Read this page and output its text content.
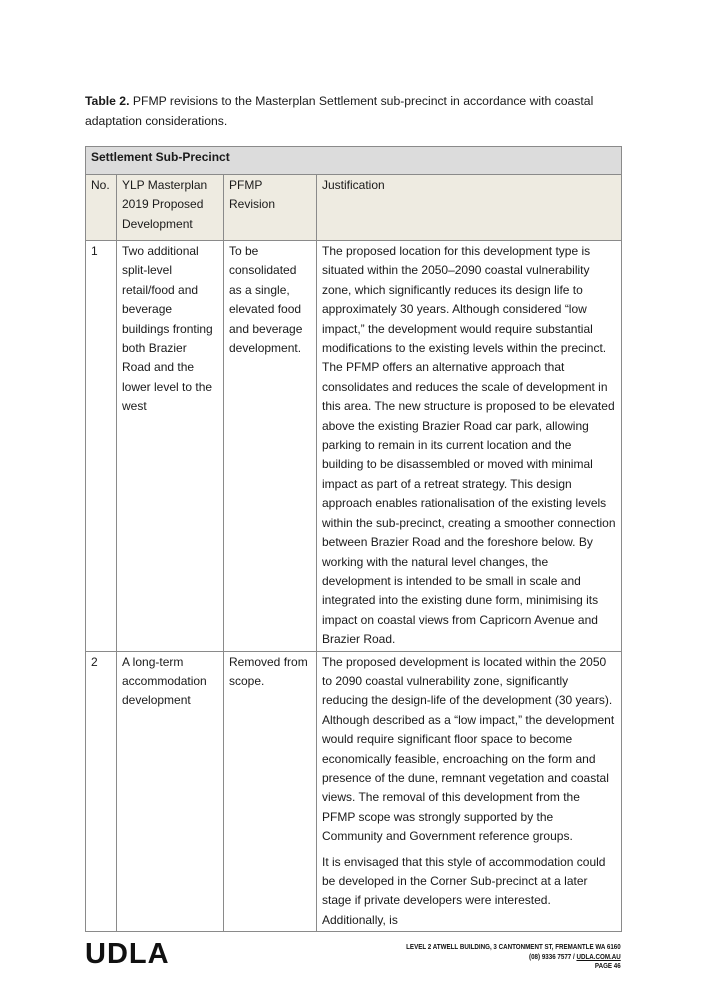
Table 2. PFMP revisions to the Masterplan Settlement sub-precinct in accordance with coastal adaptation considerations.
Settlement Sub-Precinct			
No.	YLP Masterplan 2019 Proposed Development	PFMP Revision	Justification
1	Two additional split-level retail/food and beverage buildings fronting both Brazier Road and the lower level to the west	To be consolidated as a single, elevated food and beverage development.	The proposed location for this development type is situated within the 2050–2090 coastal vulnerability zone, which significantly reduces its design life to approximately 30 years. Although considered “low impact,” the development would require substantial modifications to the existing levels within the precinct. The PFMP offers an alternative approach that consolidates and reduces the scale of development in this area. The new structure is proposed to be elevated above the existing Brazier Road car park, allowing parking to remain in its current location and the building to be disassembled or moved with minimal impact as part of a retreat strategy. This design approach enables rationalisation of the existing levels within the sub-precinct, creating a smoother connection between Brazier Road and the foreshore below. By working with the natural level changes, the development is intended to be small in scale and integrated into the existing dune form, minimising its impact on coastal views from Capricorn Avenue and Brazier Road.

2	A long-term accommodation development	Removed from scope.	The proposed development is located within the 2050 to 2090 coastal vulnerability zone, significantly reducing the design-life of the development (30 years). Although described as a “low impact,” the development would require significant floor space to become economically feasible, encroaching on the form and presence of the dune, remnant vegetation and coastal views. The removal of this development from the PFMP scope was strongly supported by the Community and Government reference groups.
It is envisaged that this style of accommodation could be developed in the Corner Sub-precinct at a later stage if private developers were interested. Additionally, is
UDLA	LEVEL 2 ATWELL BUILDING, 3 CANTONMENT ST, FREMANTLE WA 6160
(08) 9336 7577 / UDLA.COM.AU
PAGE 46
